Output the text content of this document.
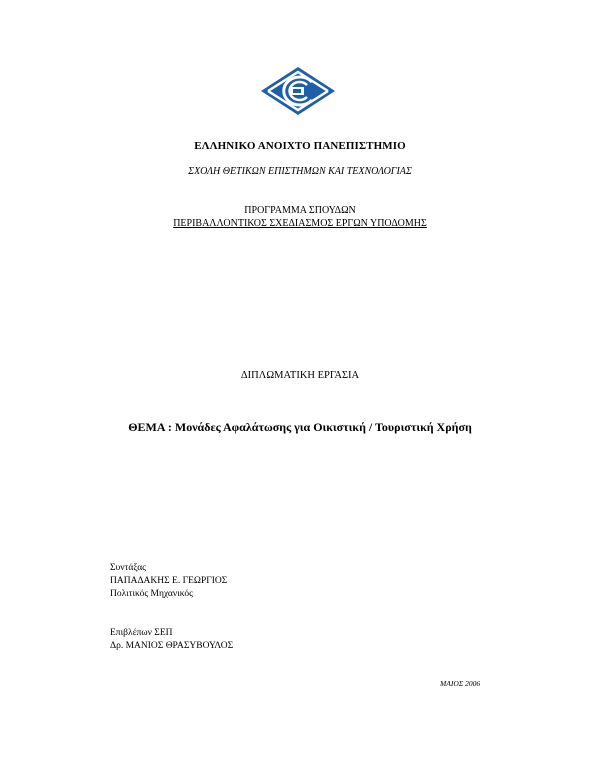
ΕΛΛΗΝΙΚΟ ΑΝΟΙΧΤΟ ΠΑΝΕΠΙΣΤΗΜΙΟ
ΣΧΟΛΗ ΘΕΤΙΚΩΝ ΕΠΙΣΤΗΜΩΝ ΚΑΙ ΤΕΧΝΟΛΟΓΙΑΣ
ΠΡΟΓΡΑΜΜΑ ΣΠΟΥΔΩΝ
ΠΕΡΙΒΑΛΛΟΝΤΙΚΟΣ ΣΧΕΔΙΑΣΜΟΣ ΕΡΓΩΝ ΥΠΟΔΟΜΗΣ
ΔΙΠΛΩΜΑΤΙΚΗ ΕΡΓΑΣΙΑ
ΘΕΜΑ : Μονάδες Αφαλάτωσης για Οικιστική / Τουριστική Χρήση
Συντάξας
ΠΑΠΑΔΑΚΗΣ Ε. ΓΕΩΡΓΙΟΣ
Πολιτικός Μηχανικός
Επιβλέπων ΣΕΠ
Δρ. ΜΑΝΙΟΣ ΘΡΑΣΥΒΟΥΛΟΣ
ΜΑΙΟΣ 2006
